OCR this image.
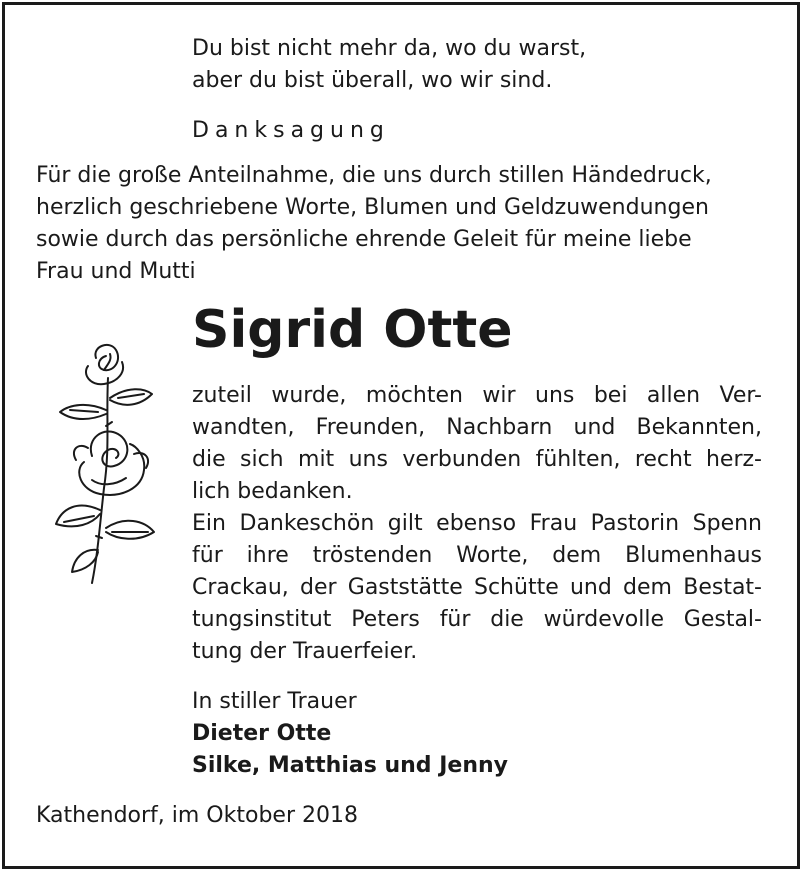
Du bist nicht mehr da, wo du warst,
aber du bist überall, wo wir sind.
Danksagung
Für die große Anteilnahme, die uns durch stillen Händedruck,
herzlich geschriebene Worte, Blumen und Geldzuwendungen
sowie durch das persönliche ehrende Geleit für meine liebe
Frau und Mutti
Sigrid Otte
zuteil wurde, möchten wir uns bei allen Ver-
wandten, Freunden, Nachbarn und Bekannten,
die sich mit uns verbunden fühlten, recht herz-
lich bedanken.
Ein Dankeschön gilt ebenso Frau Pastorin Spenn
für ihre tröstenden Worte, dem Blumenhaus
Crackau, der Gaststätte Schütte und dem Bestat-
tungsinstitut Peters für die würdevolle Gestal-
tung der Trauerfeier.
In stiller Trauer
Dieter Otte
Silke, Matthias und Jenny
Kathendorf, im Oktober 2018
